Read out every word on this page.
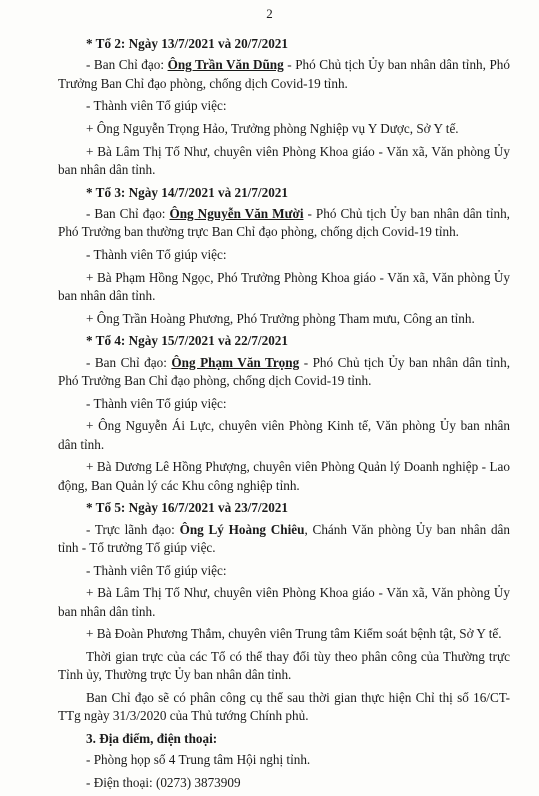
2

* Tổ 2: Ngày 13/7/2021 và 20/7/2021

- Ban Chỉ đạo: Ông Trần Văn Dũng - Phó Chủ tịch Ủy ban nhân dân tỉnh, Phó Trưởng Ban Chỉ đạo phòng, chống dịch Covid-19 tỉnh.

- Thành viên Tổ giúp việc:

+ Ông Nguyễn Trọng Hảo, Trưởng phòng Nghiệp vụ Y Dược, Sở Y tế.

+ Bà Lâm Thị Tố Như, chuyên viên Phòng Khoa giáo - Văn xã, Văn phòng Ủy ban nhân dân tỉnh.

* Tổ 3: Ngày 14/7/2021 và 21/7/2021

- Ban Chỉ đạo: Ông Nguyễn Văn Mười - Phó Chủ tịch Ủy ban nhân dân tỉnh, Phó Trưởng ban thường trực Ban Chỉ đạo phòng, chống dịch Covid-19 tỉnh.

- Thành viên Tổ giúp việc:

+ Bà Phạm Hồng Ngọc, Phó Trưởng Phòng Khoa giáo - Văn xã, Văn phòng Ủy ban nhân dân tỉnh.

+ Ông Trần Hoàng Phương, Phó Trưởng phòng Tham mưu, Công an tỉnh.

* Tổ 4: Ngày 15/7/2021 và 22/7/2021

- Ban Chỉ đạo: Ông Phạm Văn Trọng - Phó Chủ tịch Ủy ban nhân dân tỉnh, Phó Trưởng Ban Chỉ đạo phòng, chống dịch Covid-19 tỉnh.

- Thành viên Tổ giúp việc:

+ Ông Nguyễn Ái Lực, chuyên viên Phòng Kinh tế, Văn phòng Ủy ban nhân dân tỉnh.

+ Bà Dương Lê Hồng Phượng, chuyên viên Phòng Quản lý Doanh nghiệp - Lao động, Ban Quản lý các Khu công nghiệp tỉnh.

* Tổ 5: Ngày 16/7/2021 và 23/7/2021

- Trực lãnh đạo: Ông Lý Hoàng Chiêu, Chánh Văn phòng Ủy ban nhân dân tỉnh - Tổ trưởng Tổ giúp việc.

- Thành viên Tổ giúp việc:

+ Bà Lâm Thị Tố Như, chuyên viên Phòng Khoa giáo - Văn xã, Văn phòng Ủy ban nhân dân tỉnh.

+ Bà Đoàn Phương Thắm, chuyên viên Trung tâm Kiểm soát bệnh tật, Sở Y tế.

Thời gian trực của các Tổ có thể thay đổi tùy theo phân công của Thường trực Tỉnh ủy, Thường trực Ủy ban nhân dân tỉnh.

Ban Chỉ đạo sẽ có phân công cụ thể sau thời gian thực hiện Chỉ thị số 16/CT-TTg ngày 31/3/2020 của Thủ tướng Chính phủ.

3. Địa điểm, điện thoại:

- Phòng họp số 4 Trung tâm Hội nghị tỉnh.

- Điện thoại: (0273) 3873909
